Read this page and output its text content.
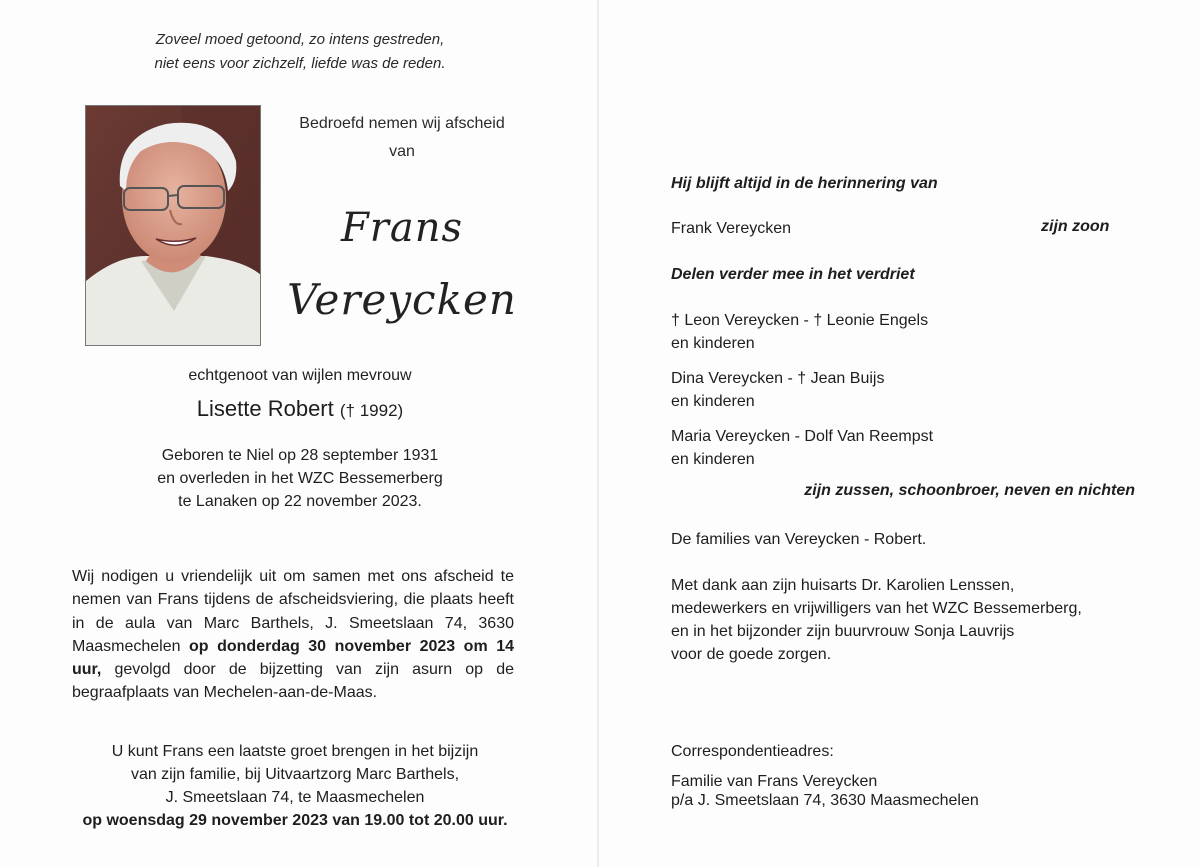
Zoveel moed getoond, zo intens gestreden,
niet eens voor zichzelf, liefde was de reden.
Bedroefd nemen wij afscheid
van
Frans
Vereycken
echtgenoot van wijlen mevrouw
Lisette Robert († 1992)
Geboren te Niel op 28 september 1931
en overleden in het WZC Bessemerberg
te Lanaken op 22 november 2023.
Wij nodigen u vriendelijk uit om samen met ons afscheid te nemen van Frans tijdens de afscheidsviering, die plaats heeft in de aula van Marc Barthels, J. Smeetslaan 74, 3630 Maasmechelen op donderdag 30 november 2023 om 14 uur, gevolgd door de bijzetting van zijn asurn op de begraafplaats van Mechelen-aan-de-Maas.
U kunt Frans een laatste groet brengen in het bijzijn
van zijn familie, bij Uitvaartzorg Marc Barthels,
J. Smeetslaan 74, te Maasmechelen
op woensdag 29 november 2023 van 19.00 tot 20.00 uur.
Hij blijft altijd in de herinnering van
Frank Vereycken	zijn zoon
Delen verder mee in het verdriet
† Leon Vereycken - † Leonie Engels
en kinderen
Dina Vereycken - † Jean Buijs
en kinderen
Maria Vereycken - Dolf Van Reempst
en kinderen
zijn zussen, schoonbroer, neven en nichten
De families van Vereycken - Robert.
Met dank aan zijn huisarts Dr. Karolien Lenssen,
medewerkers en vrijwilligers van het WZC Bessemerberg,
en in het bijzonder zijn buurvrouw Sonja Lauvrijs
voor de goede zorgen.
Correspondentieadres:
Familie van Frans Vereycken
p/a J. Smeetslaan 74, 3630 Maasmechelen
